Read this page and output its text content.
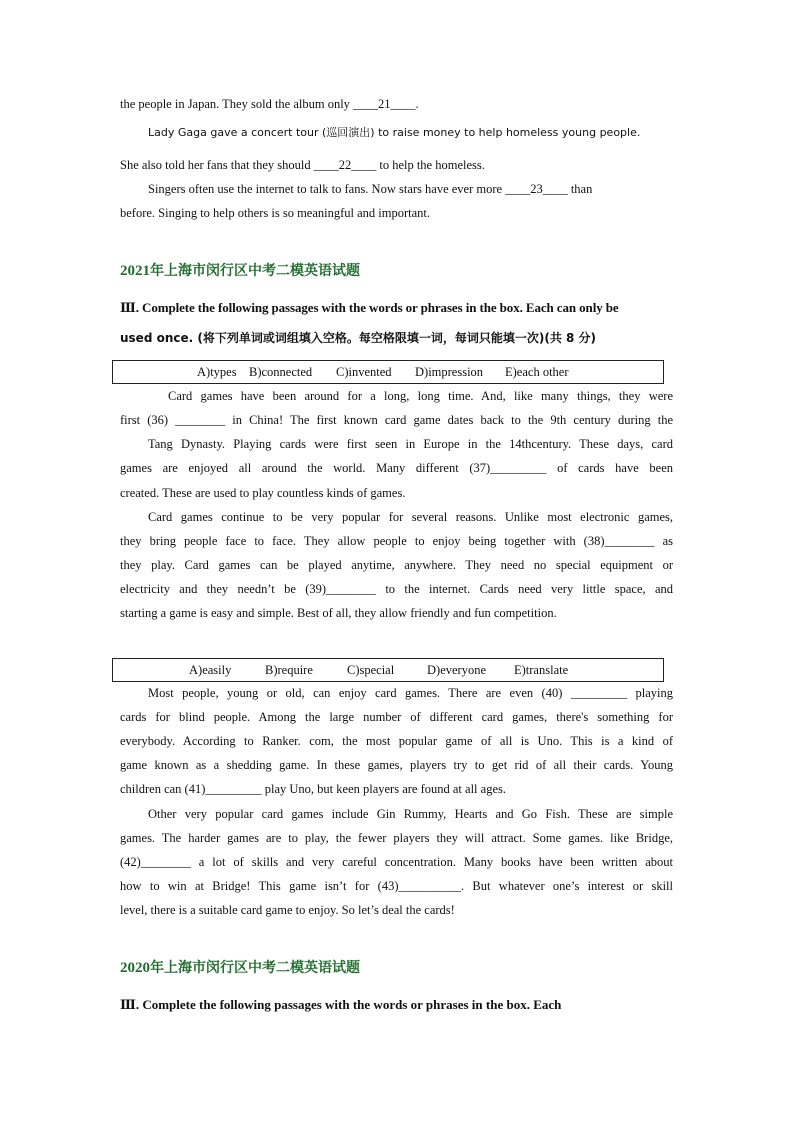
the people in Japan. They sold the album only ____21____.
Lady Gaga gave a concert tour (巡回演出) to raise money to help homeless young people.
She also told her fans that they should ____22____ to help the homeless.
Singers often use the internet to talk to fans. Now stars have ever more ____23____ than
before. Singing to help others is so meaningful and important.
2021年上海市闵行区中考二模英语试题
Ⅲ. Complete the following passages with the words or phrases in the box. Each can only be
used once. (将下列单词或词组填入空格。每空格限填一词，每词只能填一次)(共 8 分)
A)types B)connected C)invented D)impression E)each other
Card games have been around for a long, long time. And, like many things, they were
first (36) ________ in China! The first known card game dates back to the 9th century during the
Tang Dynasty. Playing cards were first seen in Europe in the 14thcentury. These days, card
games are enjoyed all around the world. Many different (37)_________ of cards have been
created. These are used to play countless kinds of games.
Card games continue to be very popular for several reasons. Unlike most electronic games,
they bring people face to face. They allow people to enjoy being together with (38)________ as
they play. Card games can be played anytime, anywhere. They need no special equipment or
electricity and they needn’t be (39)________ to the internet. Cards need very little space, and
starting a game is easy and simple. Best of all, they allow friendly and fun competition.
A)easily	B)require	C)special	D)everyone E)translate
Most people, young or old, can enjoy card games. There are even (40) _________ playing
cards for blind people. Among the large number of different card games, there's something for
everybody. According to Ranker. com, the most popular game of all is Uno. This is a kind of
game known as a shedding game. In these games, players try to get rid of all their cards. Young
children can (41)_________ play Uno, but keen players are found at all ages.
Other very popular card games include Gin Rummy, Hearts and Go Fish. These are simple
games. The harder games are to play, the fewer players they will attract. Some games. like Bridge,
(42)________ a lot of skills and very careful concentration. Many books have been written about
how to win at Bridge! This game isn’t for (43)__________. But whatever one’s interest or skill
level, there is a suitable card game to enjoy. So let’s deal the cards!
2020年上海市闵行区中考二模英语试题
Ⅲ. Complete the following passages with the words or phrases in the box. Each
